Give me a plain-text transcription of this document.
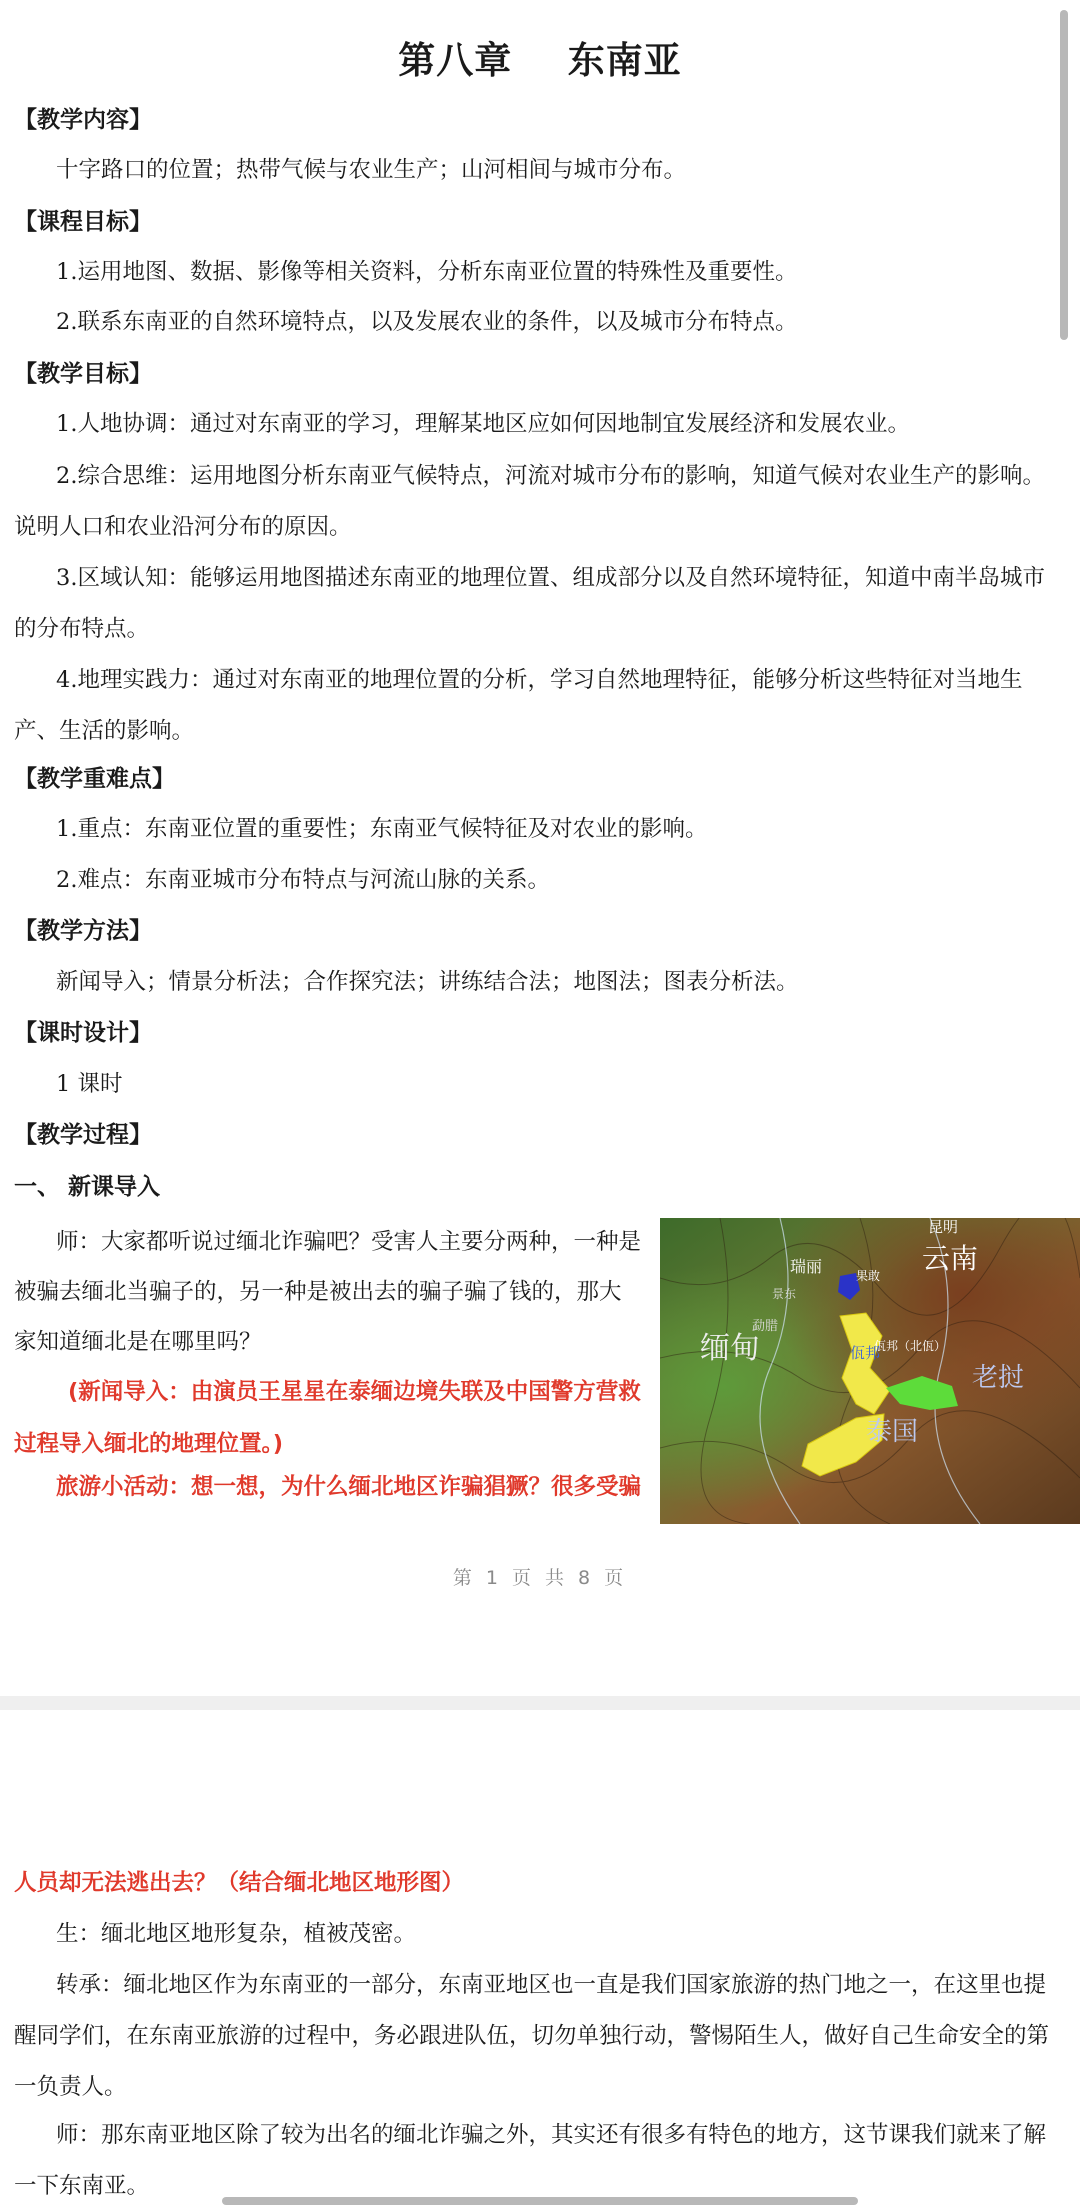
第八章    东南亚

【教学内容】

十字路口的位置；热带气候与农业生产；山河相间与城市分布。

【课程目标】

1.运用地图、数据、影像等相关资料，分析东南亚位置的特殊性及重要性。

2.联系东南亚的自然环境特点，以及发展农业的条件，以及城市分布特点。

【教学目标】

1.人地协调：通过对东南亚的学习，理解某地区应如何因地制宜发展经济和发展农业。

2.综合思维：运用地图分析东南亚气候特点，河流对城市分布的影响，知道气候对农业生产的影响。说明人口和农业沿河分布的原因。

3.区域认知：能够运用地图描述东南亚的地理位置、组成部分以及自然环境特征，知道中南半岛城市的分布特点。

4.地理实践力：通过对东南亚的地理位置的分析，学习自然地理特征，能够分析这些特征对当地生产、生活的影响。

【教学重难点】

1.重点：东南亚位置的重要性；东南亚气候特征及对农业的影响。

2.难点：东南亚城市分布特点与河流山脉的关系。

【教学方法】

新闻导入；情景分析法；合作探究法；讲练结合法；地图法；图表分析法。

【课时设计】

1 课时

【教学过程】

一、 新课导入

师：大家都听说过缅北诈骗吧？受害人主要分两种，一种是被骗去缅北当骗子的，另一种是被出去的骗子骗了钱的，那大家知道缅北是在哪里吗？

(新闻导入：由演员王星星在泰缅边境失联及中国警方营救过程导入缅北的地理位置。)

旅游小活动：想一想，为什么缅北地区诈骗猖獗？很多受骗

昆明
云南
瑞丽	果敢
景东
勐腊
佤邦（北佤）
缅甸	佤邦
老挝
泰国
第 1 页 共 8 页

人员却无法逃出去？（结合缅北地区地形图）

生：缅北地区地形复杂，植被茂密。

转承：缅北地区作为东南亚的一部分，东南亚地区也一直是我们国家旅游的热门地之一，在这里也提醒同学们，在东南亚旅游的过程中，务必跟进队伍，切勿单独行动，警惕陌生人，做好自己生命安全的第一负责人。

师：那东南亚地区除了较为出名的缅北诈骗之外，其实还有很多有特色的地方，这节课我们就来了解一下东南亚。
